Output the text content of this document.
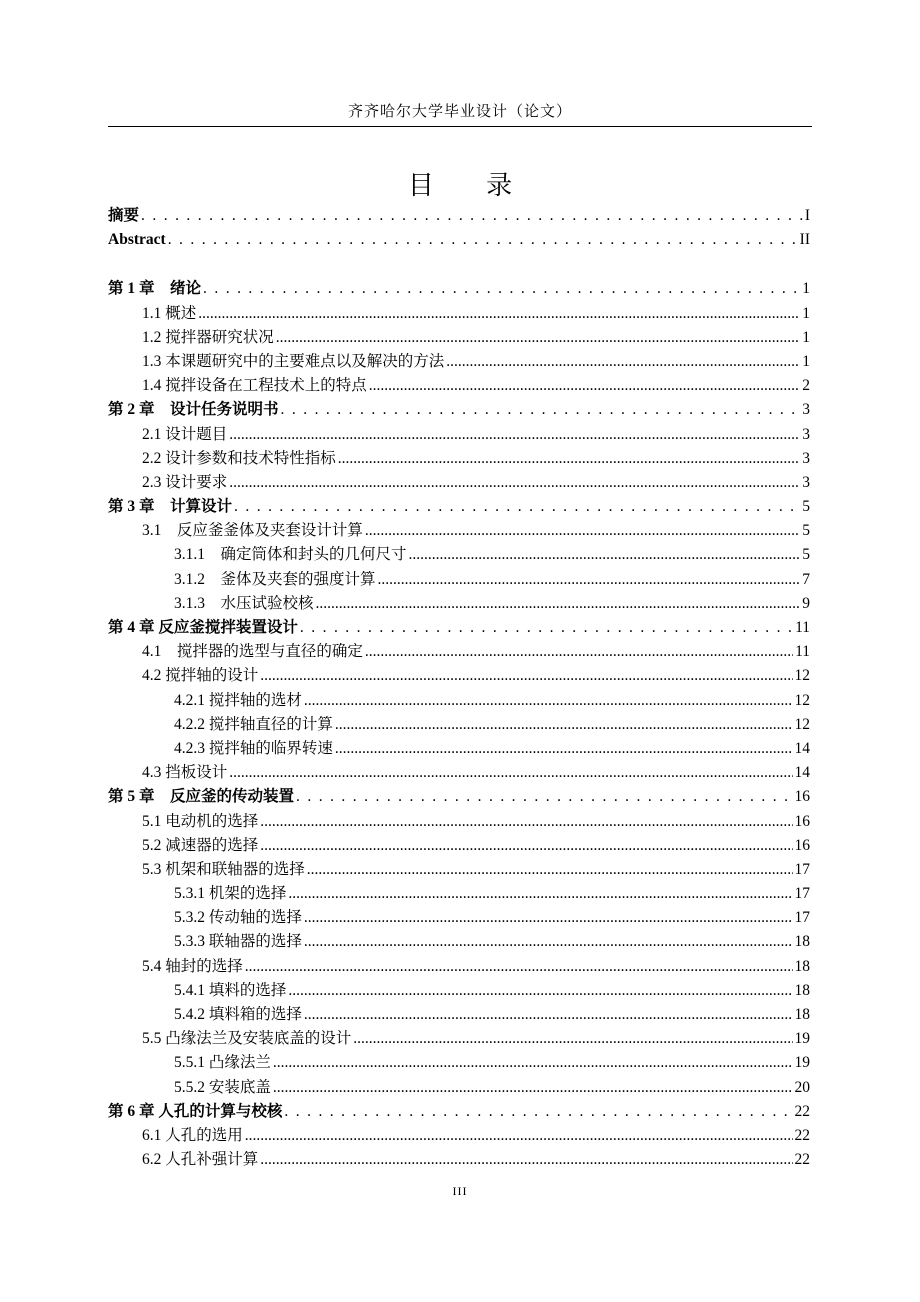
齐齐哈尔大学毕业设计（论文）
目 录
摘要 . . .	I
Abstract . . .	II
第 1 章　绪论 . . .	1
1.1 概述 .....	1
1.2 搅拌器研究状况 .....	1
1.3 本课题研究中的主要难点以及解决的方法 .....	1
1.4 搅拌设备在工程技术上的特点 .....	2
第 2 章　设计任务说明书 . . .	3
2.1 设计题目 .....	3
2.2 设计参数和技术特性指标 .....	3
2.3 设计要求 .....	3
第 3 章　计算设计 . . .	5
3.1　反应釜釜体及夹套设计计算 .....	5
3.1.1　确定筒体和封头的几何尺寸 .....	5
3.1.2　釜体及夹套的强度计算 .....	7
3.1.3　水压试验校核 .....	9
第 4 章 反应釜搅拌装置设计 . . .	11
4.1　搅拌器的选型与直径的确定 .....	11
4.2 搅拌轴的设计 .....	12
4.2.1 搅拌轴的选材 .....	12
4.2.2 搅拌轴直径的计算 .....	12
4.2.3 搅拌轴的临界转速 .....	14
4.3 挡板设计 .....	14
第 5 章　反应釜的传动装置 . . .	16
5.1 电动机的选择 .....	16
5.2 减速器的选择 .....	16
5.3 机架和联轴器的选择 .....	17
5.3.1 机架的选择 .....	17
5.3.2 传动轴的选择 .....	17
5.3.3 联轴器的选择 .....	18
5.4 轴封的选择 .....	18
5.4.1 填料的选择 .....	18
5.4.2 填料箱的选择 .....	18
5.5 凸缘法兰及安装底盖的设计 .....	19
5.5.1 凸缘法兰 .....	19
5.5.2 安装底盖 .....	20
第 6 章 人孔的计算与校核 . . .	22
6.1 人孔的选用 .....	22
6.2 人孔补强计算 .....	22
III
